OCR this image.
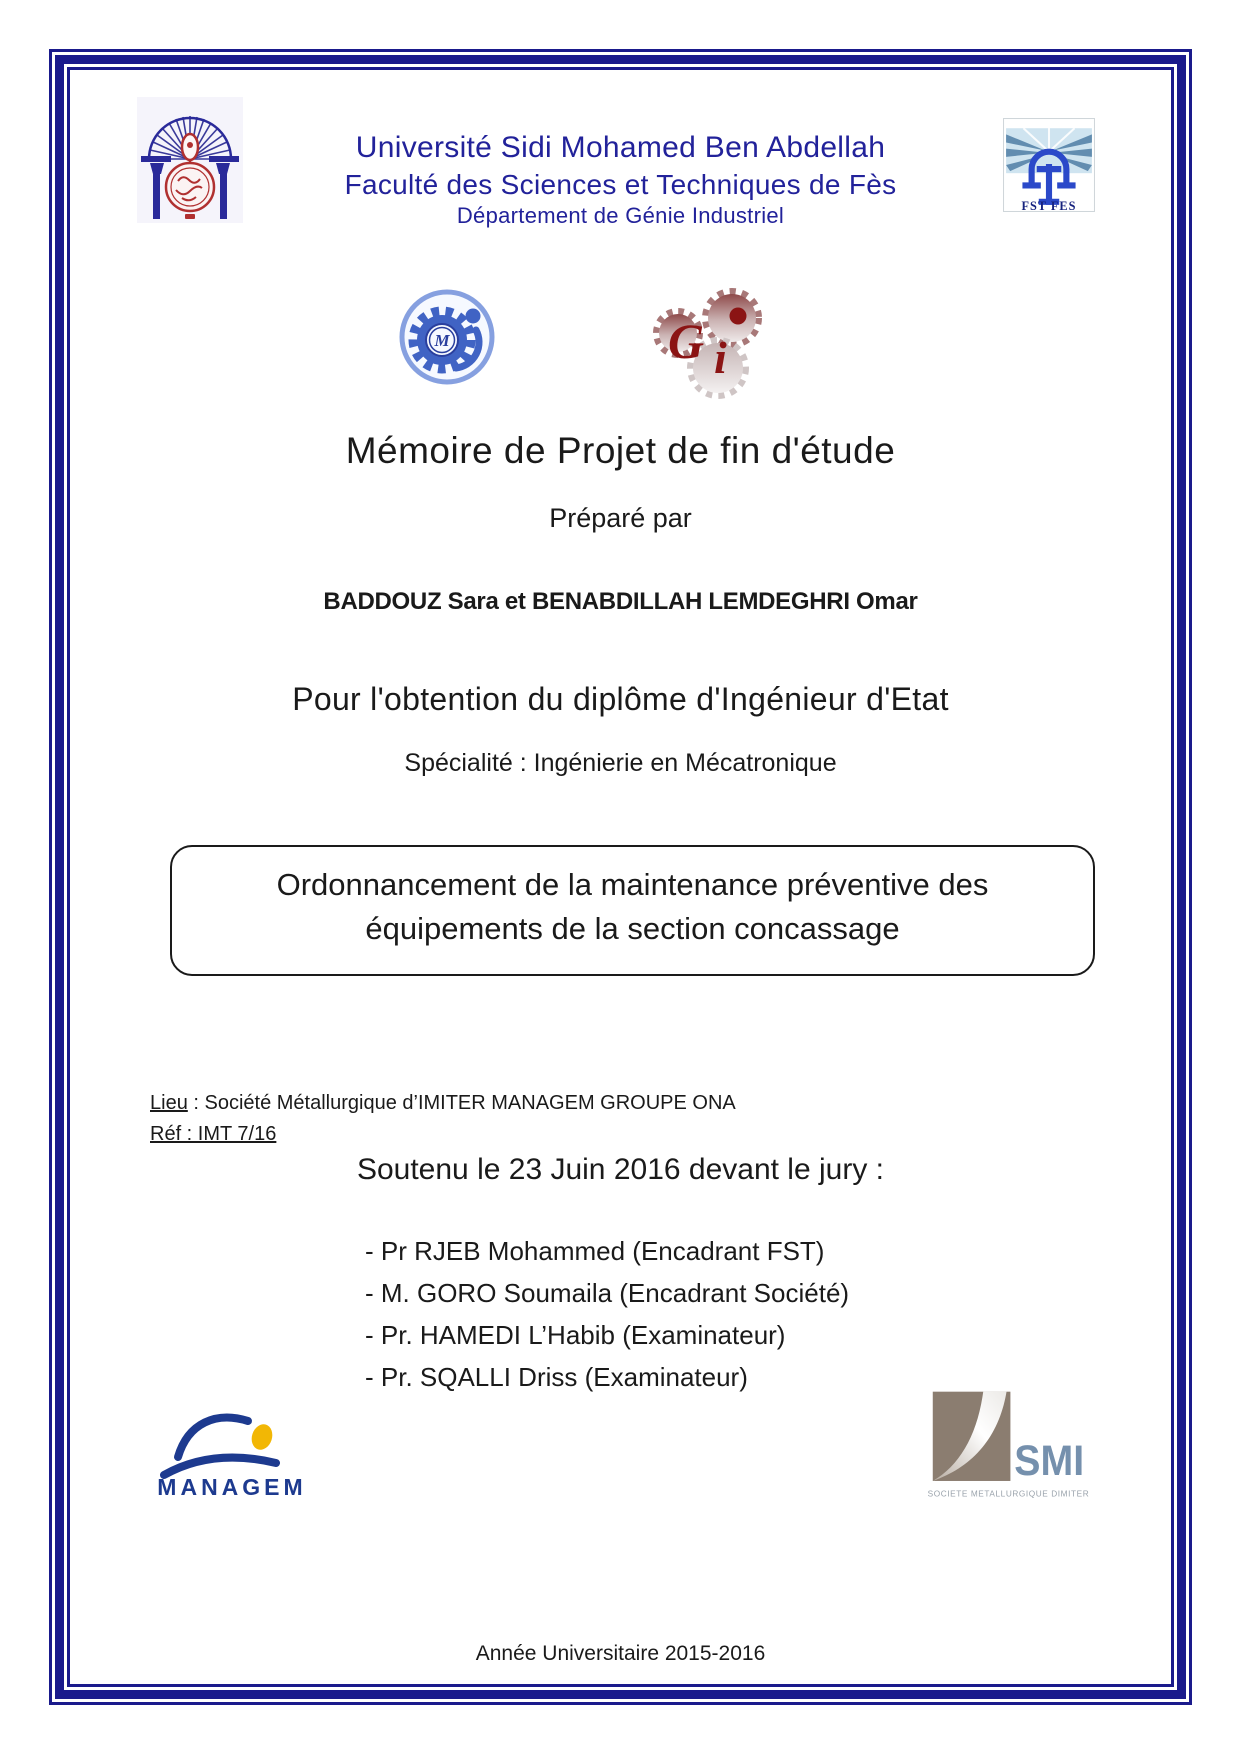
FST FES
Université Sidi Mohamed Ben Abdellah
Faculté des Sciences et Techniques de Fès
Département de Génie Industriel
M	G i
Mémoire de Projet de fin d'étude
Préparé par
BADDOUZ Sara et BENABDILLAH LEMDEGHRI Omar
Pour l'obtention du diplôme d'Ingénieur d'Etat
Spécialité : Ingénierie en Mécatronique
Ordonnancement de la maintenance préventive des équipements de la section concassage
Lieu : Société Métallurgique d’IMITER MANAGEM GROUPE ONA
Réf : IMT 7/16
Soutenu le 23 Juin 2016 devant le jury :
- Pr RJEB Mohammed (Encadrant FST)
- M. GORO Soumaila (Encadrant Société)
- Pr. HAMEDI L’Habib (Examinateur)
- Pr. SQALLI Driss (Examinateur)
MANAGEM
SMI
SOCIETE METALLURGIQUE DIMITER
Année Universitaire 2015-2016
